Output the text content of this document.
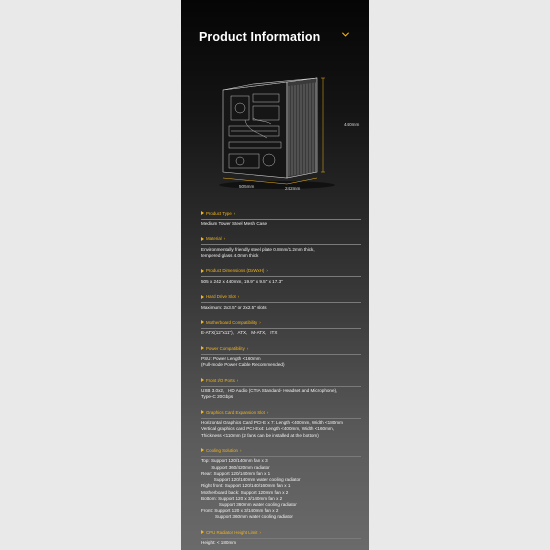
Product Information
440mm
505mm	242mm
Product Type ›
Medium Tower Steel Mesh Case
Material ›
Environmentally friendly steel plate 0.8mm/1.2mm thick,
tempered glass 4.0mm thick
Product Dimensions (DxWxH) ›
505 x 242 x 440mm, 19.9" x 9.5" x 17.3"
Hard Drive Slot ›
Maximum: 2x3.5" or 2x2.5" slots
Motherboard Compatibility ›
E-ATX(12"x11"),   ATX,   M-ATX,   ITX
Power Compatibility ›
PSU: Power Length <160mm
(Full-mode Power Cable Recommended)
Front I/O Ports ›
USB 3.0x2,   HD Audio (CTIA Standard- Headset and Microphone),
Type-C 20Gbps
Graphics Card Expansion Slot ›
Horizontal Graphics Card PCI-E x 7: Length <400mm, Width <180mm
Vertical graphics card PCI-Ex4: Length <400mm, Width <160mm,
Thickness <110mm (2 fans can be installed at the bottom)
Cooling Solution ›
Top: Support 120/140mm fan x 3
Support 360/420mm radiator
Rear: Support 120/140mm fan x 1
Support 120/140mm water cooling radiator
Right front: Support 120/140/160mm fan x 1
Motherboard back: Support 120mm fan x 2
Bottom: Support 120 x 3/140mm fan x 2
Support 360mm water cooling radiator
Front: Support 120 x 3/140mm fan x 2
Support 360mm water cooling radiator
CPU Radiator Height Limit ›
Height: < 180mm
